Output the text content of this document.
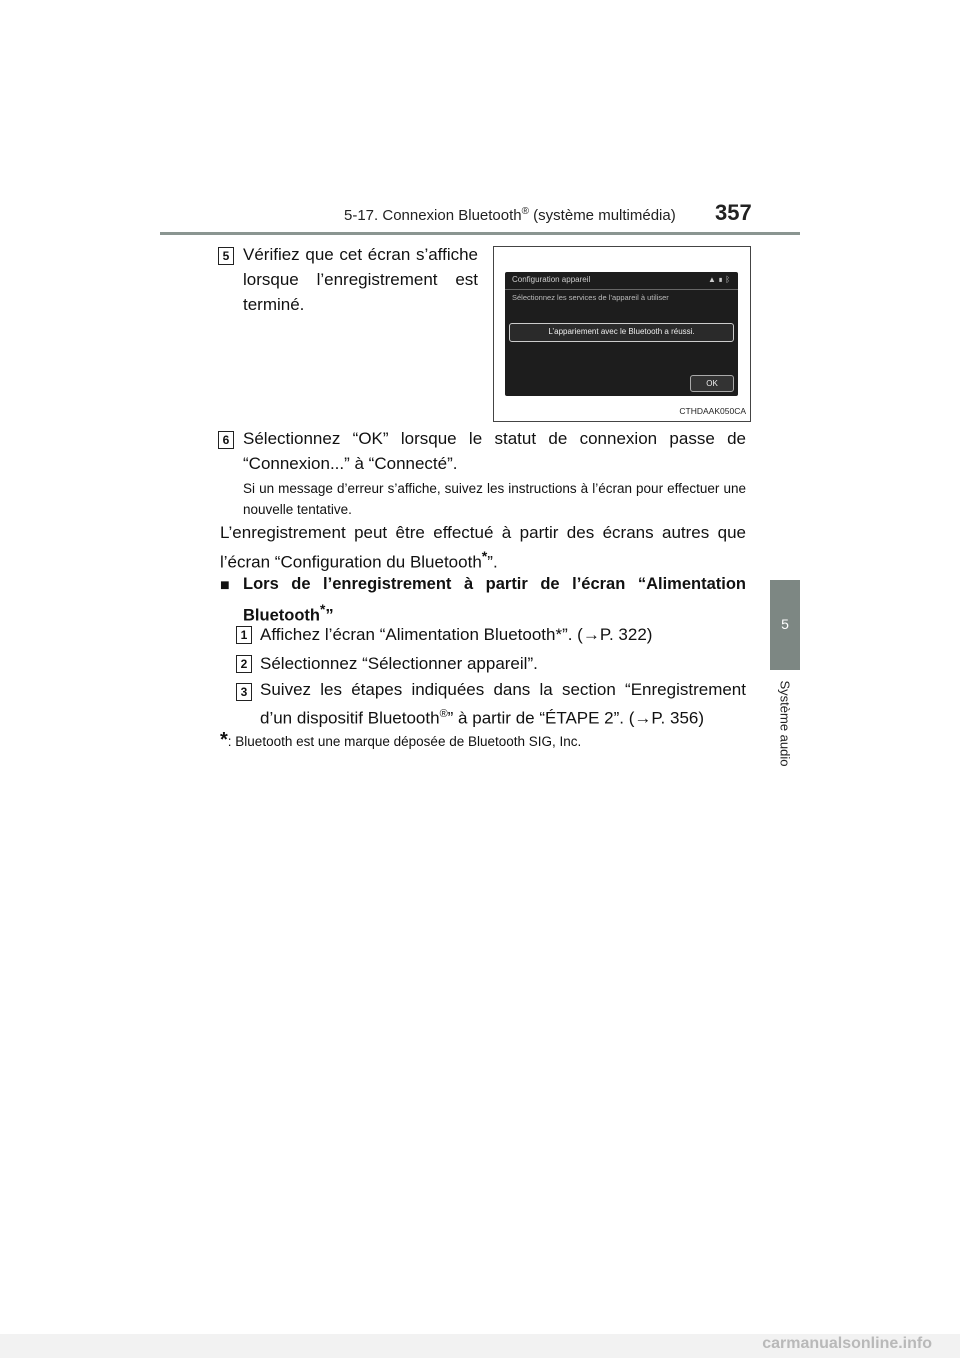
5-17. Connexion Bluetooth® (système multimédia) 357
5
Système audio
5 Vérifiez que cet écran s’affiche lorsque l’enregistrement est terminé.
Configuration appareil	▲ ▮ ᛒ
Sélectionnez les services de l’appareil à utiliser
L’appariement avec le Bluetooth a réussi.
OK
CTHDAAK050CA
6 Sélectionnez “OK” lorsque le statut de connexion passe de “Connexion...” à “Connecté”.
Si un message d’erreur s’affiche, suivez les instructions à l’écran pour effectuer une nouvelle tentative.
L’enregistrement peut être effectué à partir des écrans autres que l’écran “Configuration du Bluetooth*”.
■ Lors de l’enregistrement à partir de l’écran “Alimentation Bluetooth*”
1 Affichez l’écran “Alimentation Bluetooth*”. (→P. 322)
2 Sélectionnez “Sélectionner appareil”.
3 Suivez les étapes indiquées dans la section “Enregistrement d’un dispositif Bluetooth®” à partir de “ÉTAPE 2”. (→P. 356)
*: Bluetooth est une marque déposée de Bluetooth SIG, Inc.
carmanualsonline.info
